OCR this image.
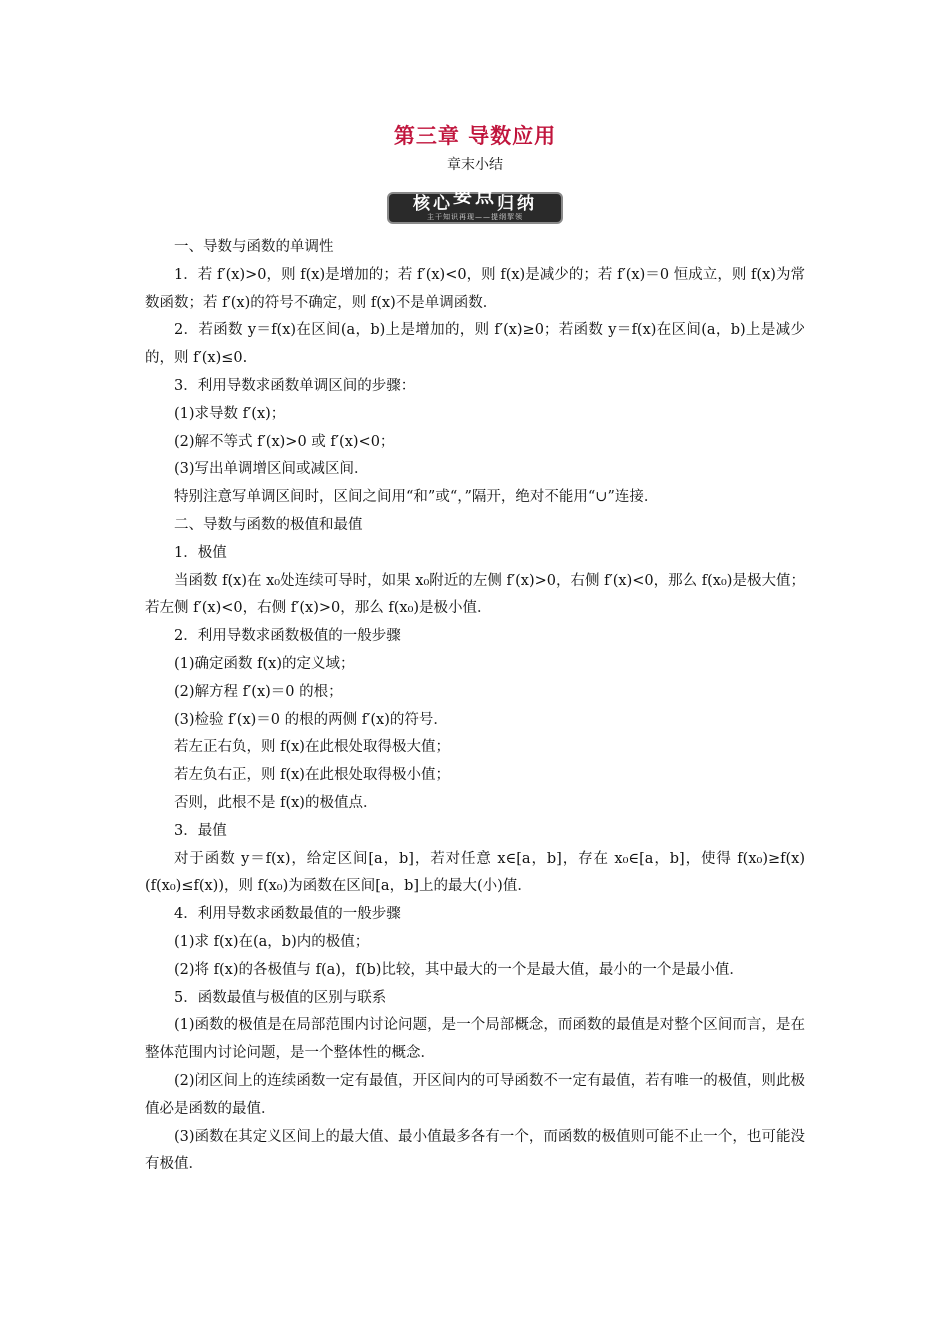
第三章 导数应用
章末小结
核心要点归纳
主干知识再现——提纲挈领

一、导数与函数的单调性

1．若 f′(x)>0，则 f(x)是增加的；若 f′(x)<0，则 f(x)是减少的；若 f′(x)＝0 恒成立，则 f(x)为常数函数；若 f′(x)的符号不确定，则 f(x)不是单调函数．

2．若函数 y＝f(x)在区间(a，b)上是增加的，则 f′(x)≥0；若函数 y＝f(x)在区间(a，b)上是减少的，则 f′(x)≤0.

3．利用导数求函数单调区间的步骤：

(1)求导数 f′(x)；

(2)解不等式 f′(x)>0 或 f′(x)<0；

(3)写出单调增区间或减区间．

特别注意写单调区间时，区间之间用“和”或“，”隔开，绝对不能用“∪”连接．

二、导数与函数的极值和最值

1．极值

当函数 f(x)在 x₀处连续可导时，如果 x₀附近的左侧 f′(x)>0，右侧 f′(x)<0，那么 f(x₀)是极大值；若左侧 f′(x)<0，右侧 f′(x)>0，那么 f(x₀)是极小值．

2．利用导数求函数极值的一般步骤

(1)确定函数 f(x)的定义域；

(2)解方程 f′(x)＝0 的根；

(3)检验 f′(x)＝0 的根的两侧 f′(x)的符号．

若左正右负，则 f(x)在此根处取得极大值；

若左负右正，则 f(x)在此根处取得极小值；

否则，此根不是 f(x)的极值点．

3．最值

对于函数 y＝f(x)，给定区间[a，b]，若对任意 x∈[a，b]，存在 x₀∈[a，b]，使得 f(x₀)≥f(x)(f(x₀)≤f(x))，则 f(x₀)为函数在区间[a，b]上的最大(小)值．

4．利用导数求函数最值的一般步骤

(1)求 f(x)在(a，b)内的极值；

(2)将 f(x)的各极值与 f(a)，f(b)比较，其中最大的一个是最大值，最小的一个是最小值．

5．函数最值与极值的区别与联系

(1)函数的极值是在局部范围内讨论问题，是一个局部概念，而函数的最值是对整个区间而言，是在整体范围内讨论问题，是一个整体性的概念．

(2)闭区间上的连续函数一定有最值，开区间内的可导函数不一定有最值，若有唯一的极值，则此极值必是函数的最值．

(3)函数在其定义区间上的最大值、最小值最多各有一个，而函数的极值则可能不止一个，也可能没有极值．
